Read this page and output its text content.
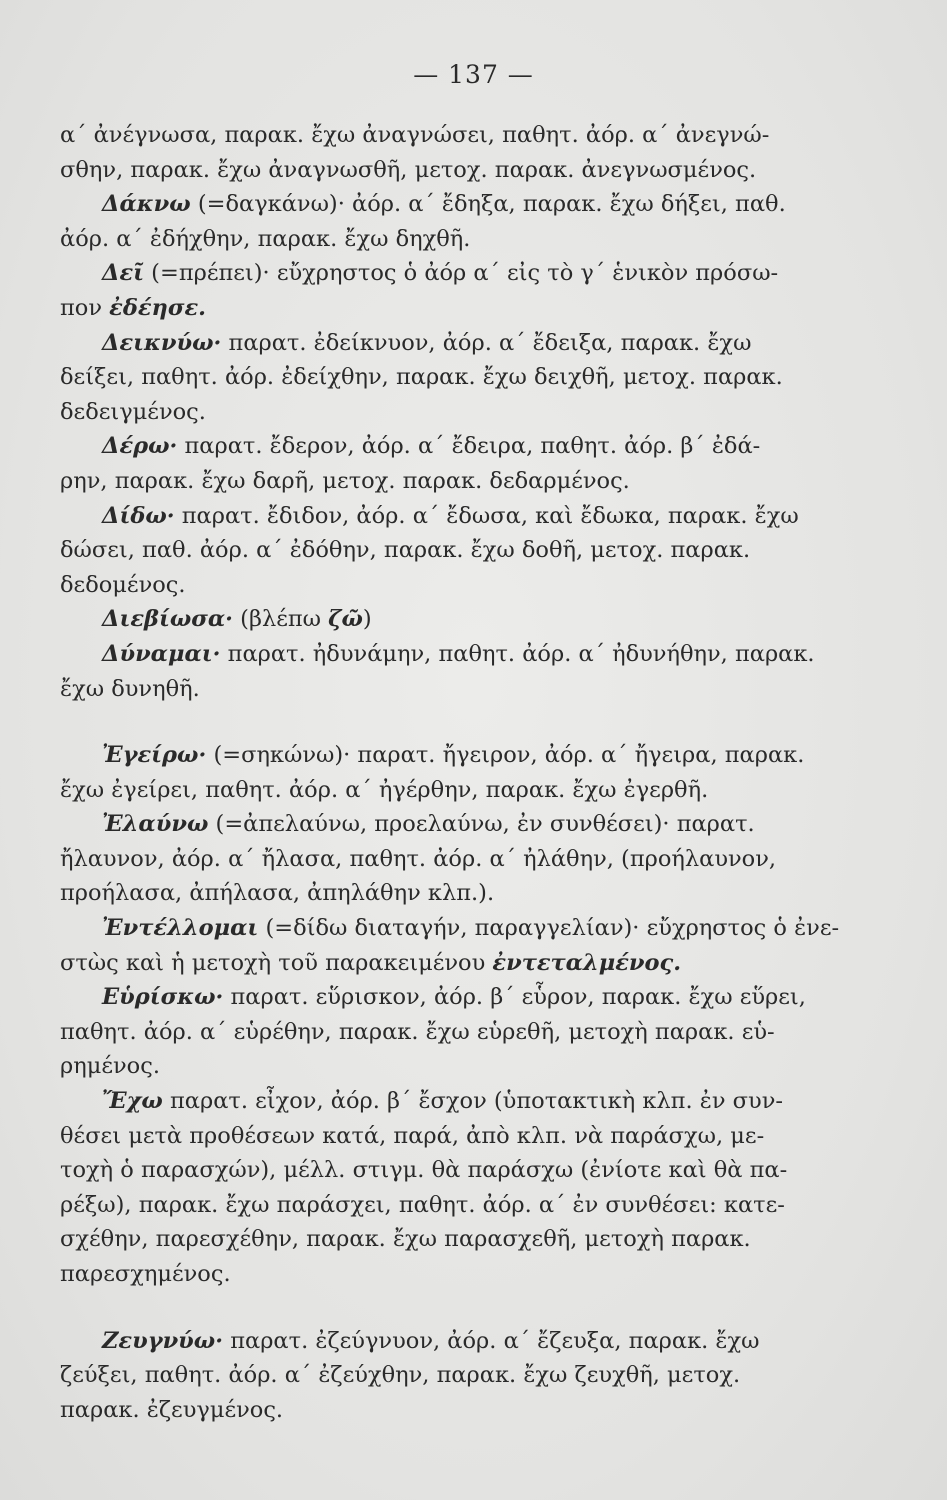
— 137 —
α΄ ἀνέγνωσα, παρακ. ἔχω ἀναγνώσει, παθητ. ἀόρ. α΄ ἀνεγνώ-
σθην, παρακ. ἔχω ἀναγνωσθῆ, μετοχ. παρακ. ἀνεγνωσμένος.
Δάκνω (=δαγκάνω)· ἀόρ. α΄ ἔδηξα, παρακ. ἔχω δήξει, παθ.
ἀόρ. α΄ ἐδήχθην, παρακ. ἔχω δηχθῆ.
Δεῖ (=πρέπει)· εὔχρηστος ὁ ἀόρ α΄ εἰς τὸ γ΄ ἑνικὸν πρόσω-
πον ἐδέησε.
Δεικνύω· παρατ. ἐδείκνυον, ἀόρ. α΄ ἔδειξα, παρακ. ἔχω
δείξει, παθητ. ἀόρ. ἐδείχθην, παρακ. ἔχω δειχθῆ, μετοχ. παρακ.
δεδειγμένος.
Δέρω· παρατ. ἔδερον, ἀόρ. α΄ ἔδειρα, παθητ. ἀόρ. β΄ ἐδά-
ρην, παρακ. ἔχω δαρῆ, μετοχ. παρακ. δεδαρμένος.
Δίδω· παρατ. ἔδιδον, ἀόρ. α΄ ἔδωσα, καὶ ἔδωκα, παρακ. ἔχω
δώσει, παθ. ἀόρ. α΄ ἐδόθην, παρακ. ἔχω δοθῆ, μετοχ. παρακ.
δεδομένος.
Διεβίωσα· (βλέπω ζῶ)
Δύναμαι· παρατ. ἠδυνάμην, παθητ. ἀόρ. α΄ ἠδυνήθην, παρακ.
ἔχω δυνηθῆ.
Ἐγείρω· (=σηκώνω)· παρατ. ἤγειρον, ἀόρ. α΄ ἤγειρα, παρακ.
ἔχω ἐγείρει, παθητ. ἀόρ. α΄ ἠγέρθην, παρακ. ἔχω ἐγερθῆ.
Ἐλαύνω (=ἀπελαύνω, προελαύνω, ἐν συνθέσει)· παρατ.
ἤλαυνον, ἀόρ. α΄ ἤλασα, παθητ. ἀόρ. α΄ ἠλάθην, (προήλαυνον,
προήλασα, ἀπήλασα, ἀπηλάθην κλπ.).
Ἐντέλλομαι (=δίδω διαταγήν, παραγγελίαν)· εὔχρηστος ὁ ἐνε-
στὼς καὶ ἡ μετοχὴ τοῦ παρακειμένου ἐντεταλμένος.
Εὑρίσκω· παρατ. εὕρισκον, ἀόρ. β΄ εὗρον, παρακ. ἔχω εὕρει,
παθητ. ἀόρ. α΄ εὑρέθην, παρακ. ἔχω εὑρεθῆ, μετοχὴ παρακ. εὑ-
ρημένος.
Ἔχω παρατ. εἶχον, ἀόρ. β΄ ἔσχον (ὑποτακτικὴ κλπ. ἐν συν-
θέσει μετὰ προθέσεων κατά, παρά, ἀπὸ κλπ. νὰ παράσχω, με-
τοχὴ ὁ παρασχών), μέλλ. στιγμ. θὰ παράσχω (ἐνίοτε καὶ θὰ πα-
ρέξω), παρακ. ἔχω παράσχει, παθητ. ἀόρ. α΄ ἐν συνθέσει: κατε-
σχέθην, παρεσχέθην, παρακ. ἔχω παρασχεθῆ, μετοχὴ παρακ.
παρεσχημένος.
Ζευγνύω· παρατ. ἐζεύγνυον, ἀόρ. α΄ ἔζευξα, παρακ. ἔχω
ζεύξει, παθητ. ἀόρ. α΄ ἐζεύχθην, παρακ. ἔχω ζευχθῆ, μετοχ.
παρακ. ἐζευγμένος.
